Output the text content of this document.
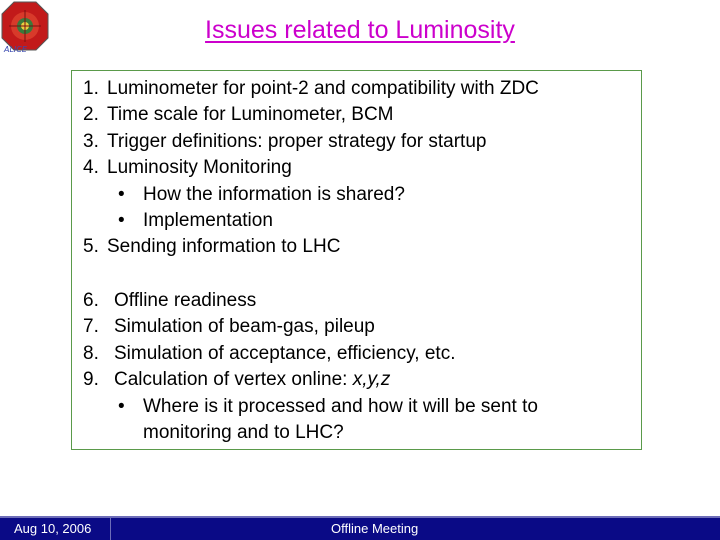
ALICE
Issues related to Luminosity
1. Luminometer for point-2 and compatibility with ZDC
2. Time scale for Luminometer, BCM
3. Trigger definitions: proper strategy for startup
4. Luminosity Monitoring
• How the information is shared?
• Implementation
5. Sending information to LHC
6. Offline readiness
7. Simulation of beam-gas, pileup
8. Simulation of acceptance, efficiency, etc.
9. Calculation of vertex online: x,y,z
• Where is it processed and how it will be sent to
monitoring and to LHC?
Aug 10, 2006	Offline Meeting
